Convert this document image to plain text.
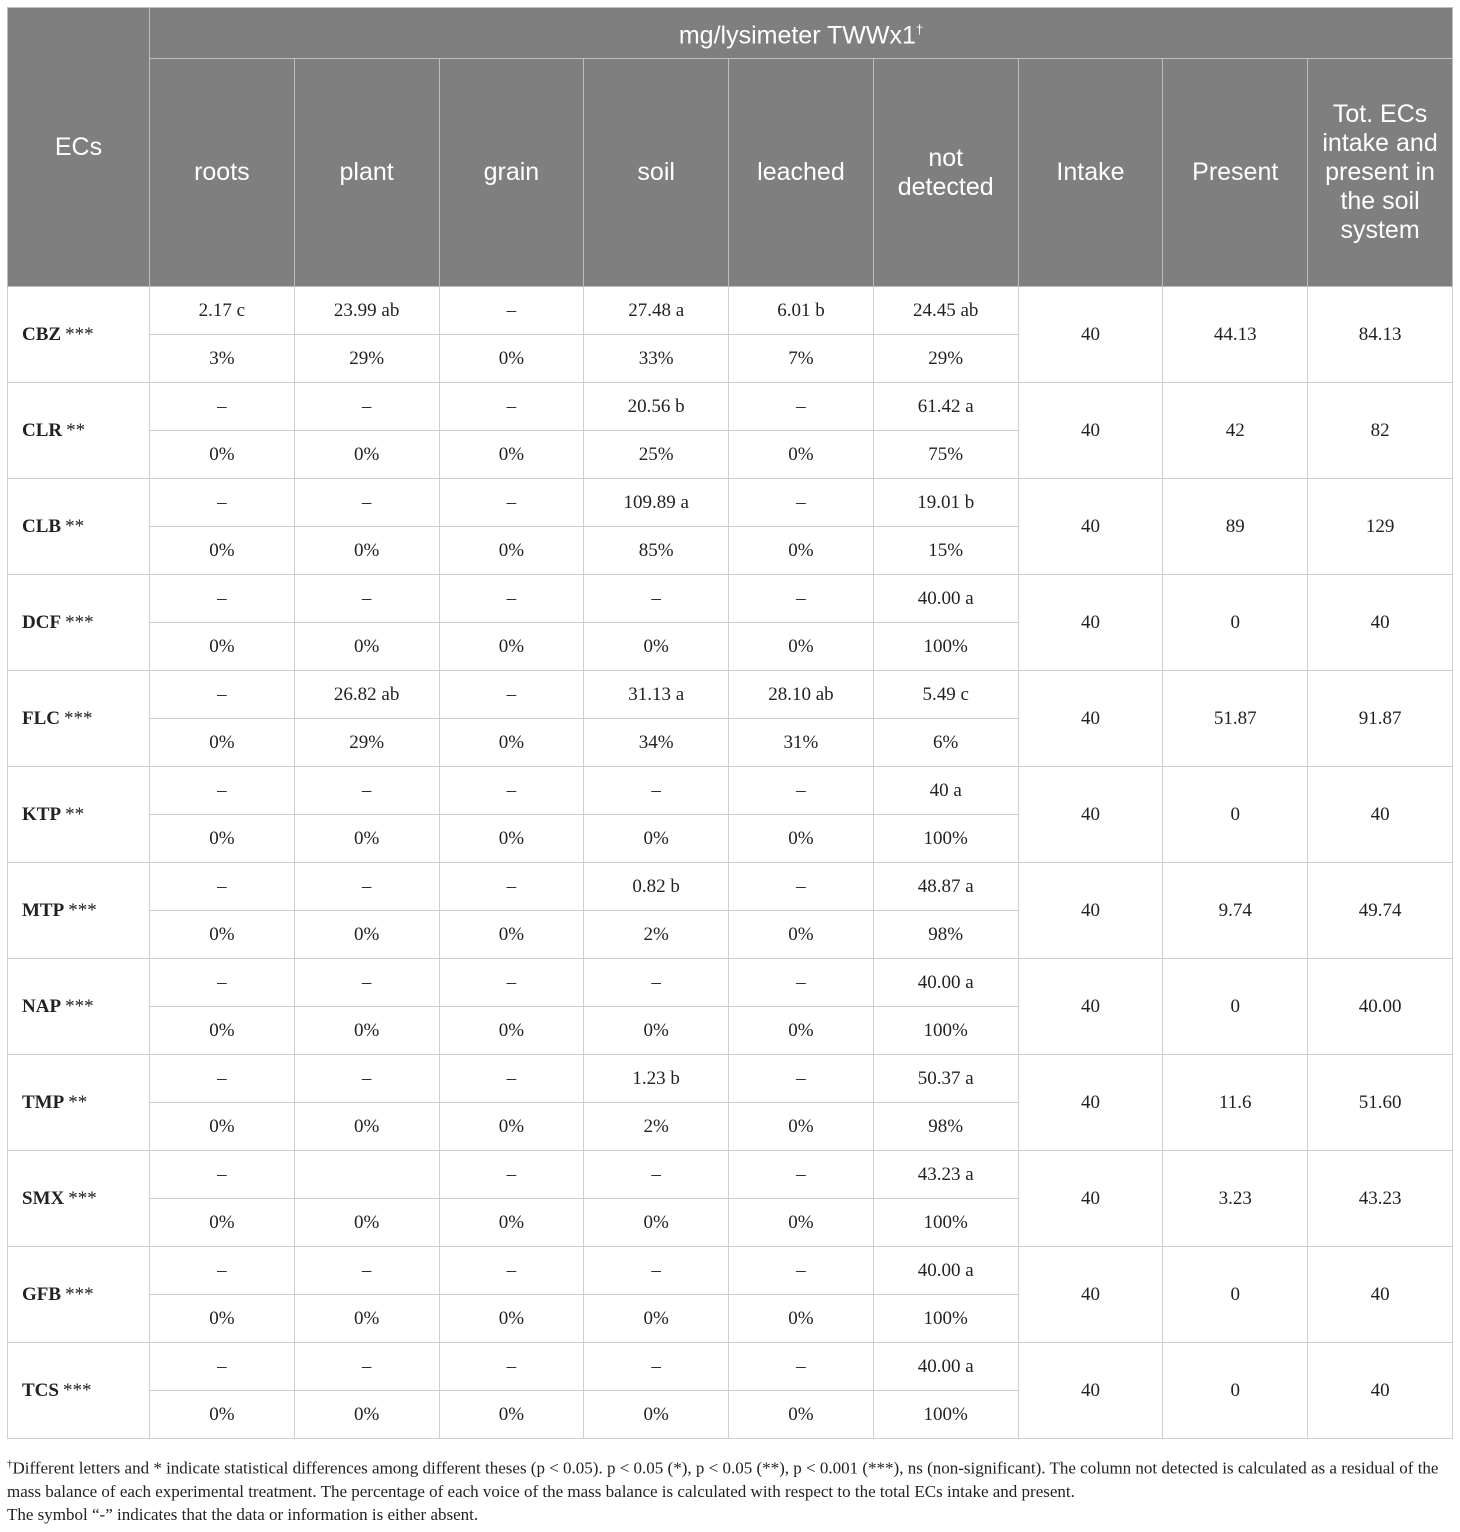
ECs	mg/lysimeter TWWx1†
	roots	plant	grain	soil	leached	not detected	Intake	Present	Tot. ECs intake and present in the soil system
CBZ ***	2.17 c	23.99 ab	–	27.48 a	6.01 b	24.45 ab	40	44.13	84.13
	3%	29%	0%	33%	7%	29%			
CLR **	–	–	–	20.56 b	–	61.42 a	40	42	82
	0%	0%	0%	25%	0%	75%			
CLB **	–	–	–	109.89 a	–	19.01 b	40	89	129
	0%	0%	0%	85%	0%	15%			
DCF ***	–	–	–	–	–	40.00 a	40	0	40
	0%	0%	0%	0%	0%	100%			
FLC ***	–	26.82 ab	–	31.13 a	28.10 ab	5.49 c	40	51.87	91.87
	0%	29%	0%	34%	31%	6%			
KTP **	–	–	–	–	–	40 a	40	0	40
	0%	0%	0%	0%	0%	100%			
MTP ***	–	–	–	0.82 b	–	48.87 a	40	9.74	49.74
	0%	0%	0%	2%	0%	98%			
NAP ***	–	–	–	–	–	40.00 a	40	0	40.00
	0%	0%	0%	0%	0%	100%			
TMP **	–	–	–	1.23 b	–	50.37 a	40	11.6	51.60
	0%	0%	0%	2%	0%	98%			
SMX ***	–		–	–	–	43.23 a	40	3.23	43.23
	0%	0%	0%	0%	0%	100%			
GFB ***	–	–	–	–	–	40.00 a	40	0	40
	0%	0%	0%	0%	0%	100%			
TCS ***	–	–	–	–	–	40.00 a	40	0	40
	0%	0%	0%	0%	0%	100%			

†Different letters and * indicate statistical differences among different theses (p < 0.05). p < 0.05 (*), p < 0.05 (**), p < 0.001 (***), ns (non-significant). The column not detected is calculated as a residual of the mass balance of each experimental treatment. The percentage of each voice of the mass balance is calculated with respect to the total ECs intake and present.

The symbol “-” indicates that the data or information is either absent.
